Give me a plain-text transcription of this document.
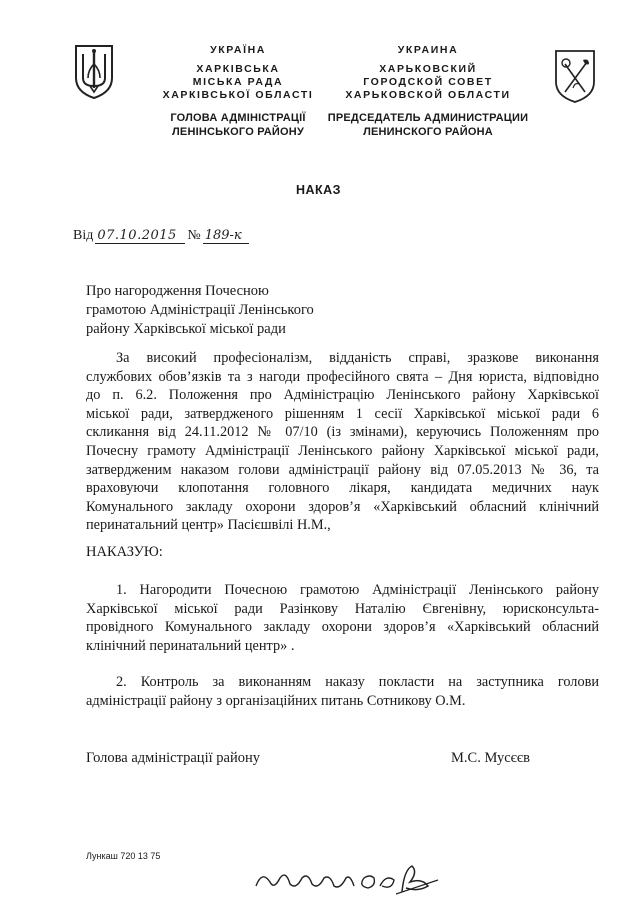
УКРАЇНА
ХАРКІВСЬКА
МІСЬКА РАДА
ХАРКІВСЬКОЇ ОБЛАСТІ
ГОЛОВА АДМІНІСТРАЦІЇ
ЛЕНІНСЬКОГО РАЙОНУ
УКРАИНА
ХАРЬКОВСКИЙ
ГОРОДСКОЙ СОВЕТ
ХАРЬКОВСКОЙ ОБЛАСТИ
ПРЕДСЕДАТЕЛЬ АДМИНИСТРАЦИИ
ЛЕНИНСКОГО РАЙОНА
НАКАЗ
Від 07.10.2015 № 189-к
Про нагородження Почесною
грамотою Адміністрації Ленінського
району Харківської міської ради
За високий професіоналізм, відданість справі, зразкове виконання
службових обов’язків та з нагоди професійного свята – Дня юриста, відповідно
до п. 6.2. Положення про Адміністрацію Ленінського району Харківської
міської ради, затвердженого рішенням 1 сесії Харківської міської ради 6
скликання від 24.11.2012 № 07/10 (із змінами), керуючись Положенням про
Почесну грамоту Адміністрації Ленінського району Харківської міської ради,
затвердженим наказом голови адміністрації району від 07.05.2013 № 36, та
враховуючи клопотання головного лікаря, кандидата медичних наук
Комунального закладу охорони здоров’я «Харківський обласний клінічний
перинатальний центр» Пасієшвілі Н.М.,
НАКАЗУЮ:
1. Нагородити Почесною грамотою Адміністрації Ленінського району
Харківської міської ради Разінкову Наталію Євгенівну, юрисконсульта-
провідного Комунального закладу охорони здоров’я «Харківський обласний
клінічний перинатальний центр» .
2. Контроль за виконанням наказу покласти на заступника голови
адміністрації району з організаційних питань Сотникову О.М.
Голова адміністрації району	М.С. Мусєєв
Лункаш 720 13 75
